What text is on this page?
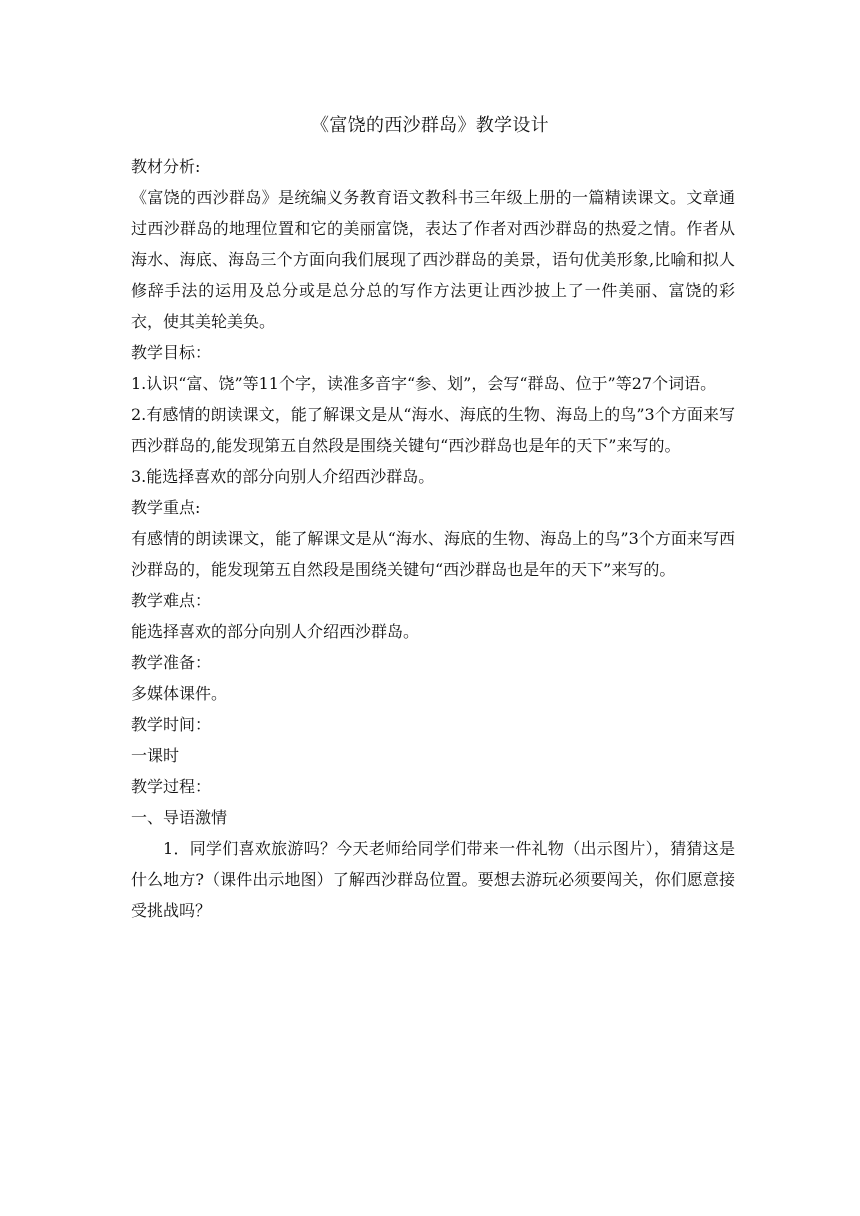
《富饶的西沙群岛》教学设计

教材分析:

《富饶的西沙群岛》是统编义务教育语文教科书三年级上册的一篇精读课文。文章通过西沙群岛的地理位置和它的美丽富饶，表达了作者对西沙群岛的热爱之情。作者从海水、海底、海岛三个方面向我们展现了西沙群岛的美景，语句优美形象,比喻和拟人修辞手法的运用及总分或是总分总的写作方法更让西沙披上了一件美丽、富饶的彩衣，使其美轮美奂。

教学目标：

1.认识“富、饶”等11个字，读准多音字“参、划”，会写“群岛、位于”等27个词语。

2.有感情的朗读课文，能了解课文是从“海水、海底的生物、海岛上的鸟”3个方面来写西沙群岛的,能发现第五自然段是围绕关键句“西沙群岛也是年的天下”来写的。

3.能选择喜欢的部分向别人介绍西沙群岛。

教学重点:

有感情的朗读课文，能了解课文是从“海水、海底的生物、海岛上的鸟”3个方面来写西沙群岛的，能发现第五自然段是围绕关键句“西沙群岛也是年的天下”来写的。

教学难点：

能选择喜欢的部分向别人介绍西沙群岛。

教学准备：

多媒体课件。

教学时间：

一课时

教学过程：

一、导语激情

1．同学们喜欢旅游吗？今天老师给同学们带来一件礼物（出示图片），猜猜这是什么地方?（课件出示地图）了解西沙群岛位置。要想去游玩必须要闯关，你们愿意接受挑战吗？
